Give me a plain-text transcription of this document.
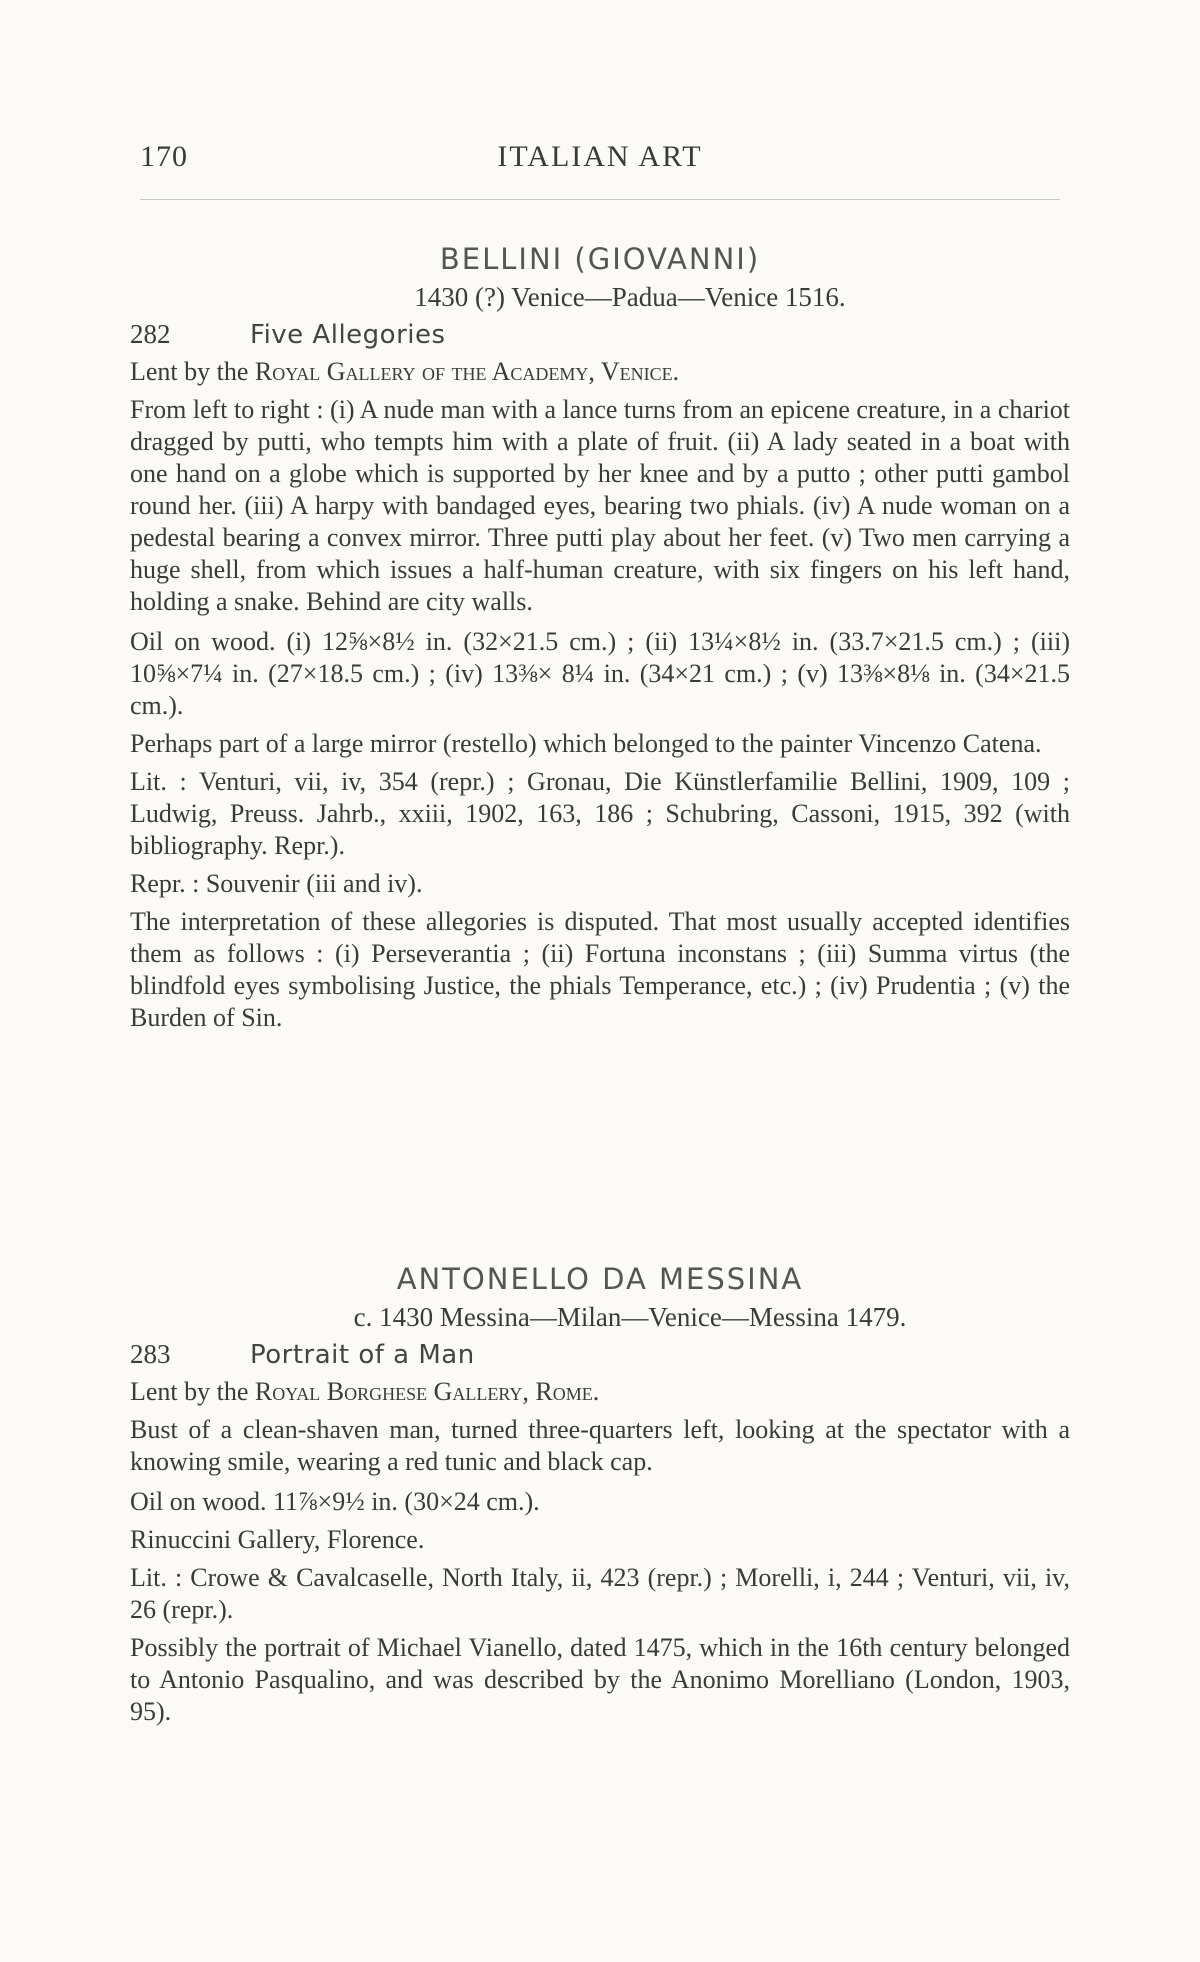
170	ITALIAN ART
BELLINI (GIOVANNI)
1430 (?) Venice—Padua—Venice 1516.
282	Five Allegories

Lent by the Royal Gallery of the Academy, Venice.

From left to right : (i) A nude man with a lance turns from an epicene creature, in a chariot dragged by putti, who tempts him with a plate of fruit. (ii) A lady seated in a boat with one hand on a globe which is supported by her knee and by a putto ; other putti gambol round her. (iii) A harpy with bandaged eyes, bearing two phials. (iv) A nude woman on a pedestal bearing a convex mirror. Three putti play about her feet. (v) Two men carrying a huge shell, from which issues a half-human creature, with six fingers on his left hand, holding a snake. Behind are city walls.

Oil on wood. (i) 12⅝×8½ in. (32×21.5 cm.) ; (ii) 13¼×8½ in. (33.7×21.5 cm.) ; (iii) 10⅝×7¼ in. (27×18.5 cm.) ; (iv) 13⅜× 8¼ in. (34×21 cm.) ; (v) 13⅜×8⅛ in. (34×21.5 cm.).

Perhaps part of a large mirror (restello) which belonged to the painter Vincenzo Catena.

Lit. : Venturi, vii, iv, 354 (repr.) ; Gronau, Die Künstlerfamilie Bellini, 1909, 109 ; Ludwig, Preuss. Jahrb., xxiii, 1902, 163, 186 ; Schubring, Cassoni, 1915, 392 (with bibliography. Repr.).

Repr. : Souvenir (iii and iv).

The interpretation of these allegories is disputed. That most usually accepted identifies them as follows : (i) Perseverantia ; (ii) Fortuna inconstans ; (iii) Summa virtus (the blindfold eyes symbolising Justice, the phials Temperance, etc.) ; (iv) Prudentia ; (v) the Burden of Sin.

ANTONELLO DA MESSINA
c. 1430 Messina—Milan—Venice—Messina 1479.
283	Portrait of a Man

Lent by the Royal Borghese Gallery, Rome.

Bust of a clean-shaven man, turned three-quarters left, looking at the spectator with a knowing smile, wearing a red tunic and black cap.

Oil on wood. 11⅞×9½ in. (30×24 cm.).

Rinuccini Gallery, Florence.

Lit. : Crowe & Cavalcaselle, North Italy, ii, 423 (repr.) ; Morelli, i, 244 ; Venturi, vii, iv, 26 (repr.).

Possibly the portrait of Michael Vianello, dated 1475, which in the 16th century belonged to Antonio Pasqualino, and was described by the Anonimo Morelliano (London, 1903, 95).
